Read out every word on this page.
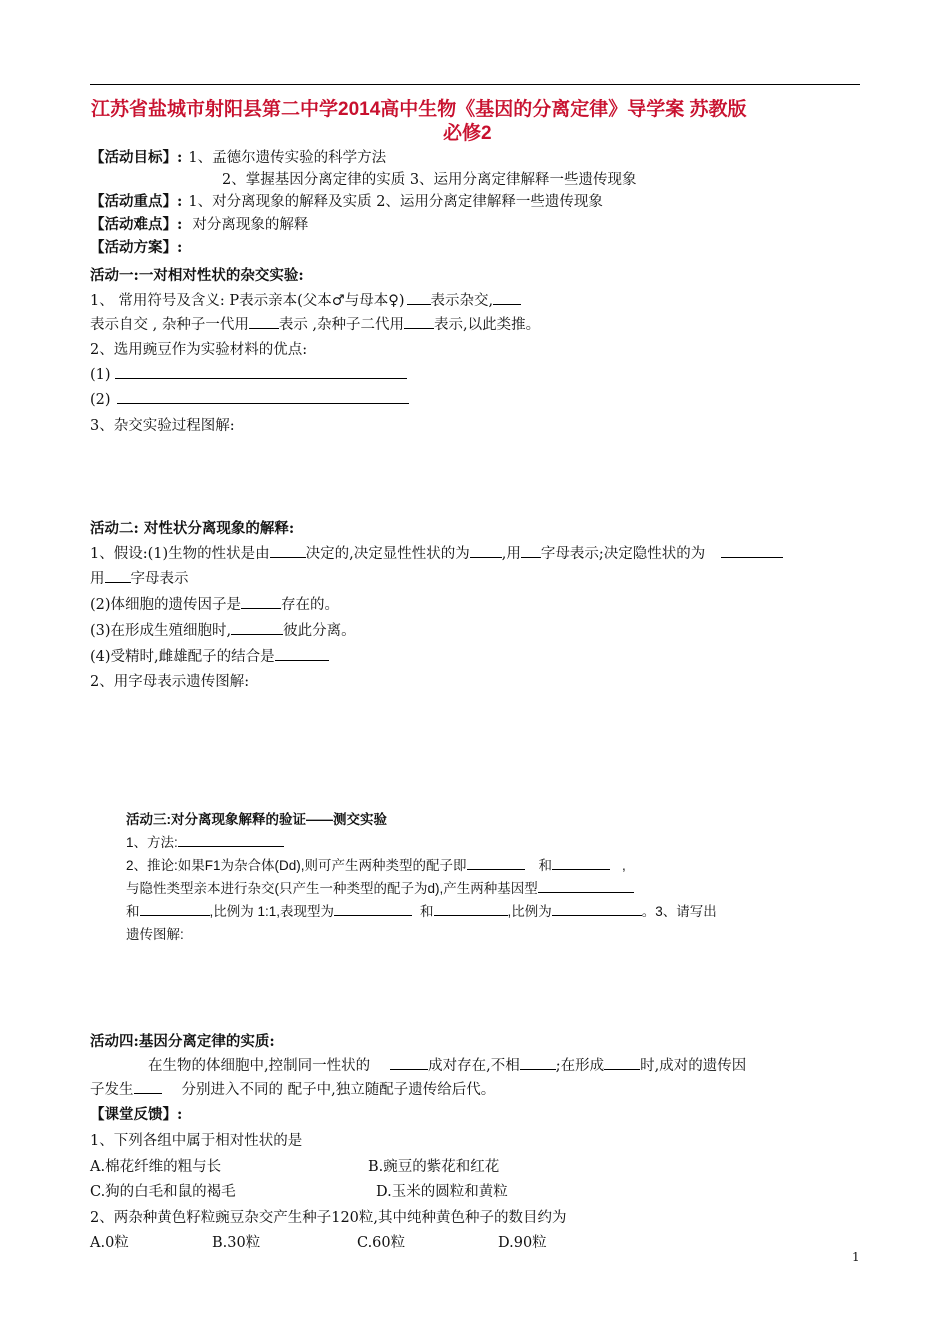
江苏省盐城市射阳县第二中学2014高中生物《基因的分离定律》导学案 苏教版
必修2
【活动目标】: 1、孟德尔遗传实验的科学方法
2、掌握基因分离定律的实质 3、运用分离定律解释一些遗传现象
【活动重点】: 1、对分离现象的解释及实质 2、运用分离定律解释一些遗传现象
【活动难点】: 对分离现象的解释
【活动方案】:
活动一:一对相对性状的杂交实验:
1、 常用符号及含义: P表示亲本(父本♂与母本♀) 表示杂交,
表示自交 , 杂种子一代用 表示 ,杂种子二代用 表示,以此类推。
2、选用豌豆作为实验材料的优点:
(1)
(2)
3、杂交实验过程图解:
活动二: 对性状分离现象的解释:
1、假设:(1)生物的性状是由 决定的,决定显性性状的为 ,用 字母表示;决定隐性状的为
用 字母表示
(2)体细胞的遗传因子是	存在的。
(3)在形成生殖细胞时,	彼此分离。
(4)受精时,雌雄配子的结合是
2、用字母表示遗传图解:
活动三:对分离现象解释的验证——测交实验
1、方法:
2、推论:如果F1为杂合体(Dd),则可产生两种类型的配子即	和	,
与隐性类型亲本进行杂交(只产生一种类型的配子为d),产生两种基因型
和	,比例为 1:1,表现型为	和	,比例为	。3、请写出
遗传图解:
活动四:基因分离定律的实质:
在生物的体细胞中,控制同一性状的	成对存在,不相 ;在形成 时,成对的遗传因
子发生	分别进入不同的 配子中,独立随配子遗传给后代。
【课堂反馈】:
1、下列各组中属于相对性状的是
A.棉花纤维的粗与长	B.豌豆的紫花和红花
C.狗的白毛和鼠的褐毛	D.玉米的圆粒和黄粒
2、两杂种黄色籽粒豌豆杂交产生种子120粒,其中纯种黄色种子的数目约为
A.0粒	B.30粒	C.60粒	D.90粒
1
